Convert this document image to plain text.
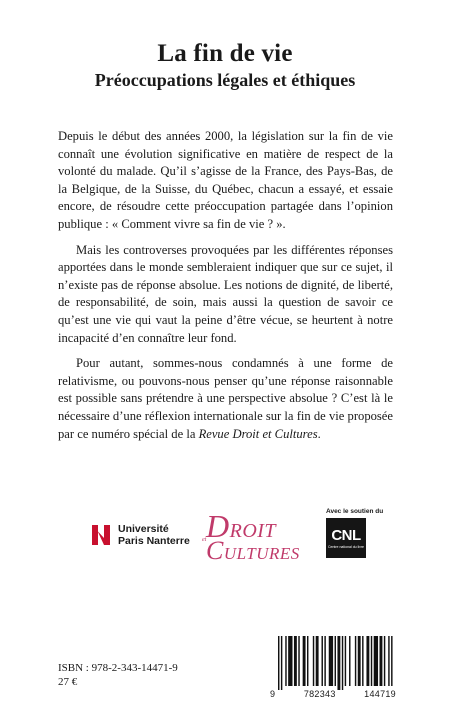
La fin de vie
Préoccupations légales et éthiques

Depuis le début des années 2000, la législation sur la fin de vie connaît une évolution significative en matière de respect de la volonté du malade. Qu’il s’agisse de la France, des Pays-Bas, de la Belgique, de la Suisse, du Québec, chacun a essayé, et essaie encore, de résoudre cette préoccupation partagée dans l’opinion publique : « Comment vivre sa fin de vie ? ».

Mais les controverses provoquées par les différentes réponses apportées dans le monde sembleraient indiquer que sur ce sujet, il n’existe pas de réponse absolue. Les notions de dignité, de liberté, de responsabilité, de soin, mais aussi la question de savoir ce qu’est une vie qui vaut la peine d’être vécue, se heurtent à notre incapacité d’en connaître leur fond.

Pour autant, sommes-nous condamnés à une forme de relativisme, ou pouvons-nous penser qu’une réponse raisonnable est possible sans prétendre à une perspective absolue ? C’est là le nécessaire d’une réflexion internationale sur la fin de vie proposée par ce numéro spécial de la Revue Droit et Cultures.

Université
Paris Nanterre DROIT
et CULTURES
Avec le soutien du
CNL
Centre national du livre
ISBN : 978-2-343-14471-9
27 €
9	782343	144719
